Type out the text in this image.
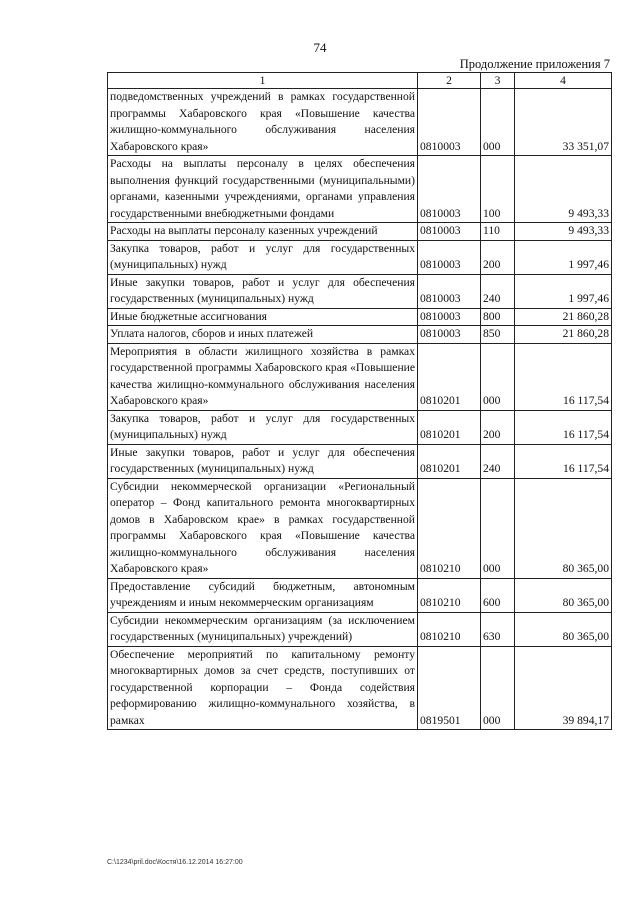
74
Продолжение приложения 7
1	2	3	4
подведомственных учреждений в рамках государственной программы Хабаровского края «Повышение качества жилищно-коммунального обслуживания населения Хабаровского края»	0810003	000	33 351,07
Расходы на выплаты персоналу в целях обеспечения выполнения функций государственными (муниципальными) органами, казенными учреждениями, органами управления государственными внебюджетными фондами	0810003	100	9 493,33
Расходы на выплаты персоналу казенных учреждений	0810003	110	9 493,33
Закупка товаров, работ и услуг для государственных (муниципальных) нужд	0810003	200	1 997,46
Иные закупки товаров, работ и услуг для обеспечения государственных (муниципальных) нужд	0810003	240	1 997,46
Иные бюджетные ассигнования	0810003	800	21 860,28
Уплата налогов, сборов и иных платежей	0810003	850	21 860,28
Мероприятия в области жилищного хозяйства в рамках государственной программы Хабаровского края «Повышение качества жилищно-коммунального обслуживания населения Хабаровского края»	0810201	000	16 117,54
Закупка товаров, работ и услуг для государственных (муниципальных) нужд	0810201	200	16 117,54
Иные закупки товаров, работ и услуг для обеспечения государственных (муниципальных) нужд	0810201	240	16 117,54
Субсидии некоммерческой организации «Региональный оператор – Фонд капитального ремонта многоквартирных домов в Хабаровском крае» в рамках государственной программы Хабаровского края «Повышение качества жилищно-коммунального обслуживания населения Хабаровского края»	0810210	000	80 365,00
Предоставление субсидий бюджетным, автономным учреждениям и иным некоммерческим организациям	0810210	600	80 365,00
Субсидии некоммерческим организациям (за исключением государственных (муниципальных) учреждений)	0810210	630	80 365,00
Обеспечение мероприятий по капитальному ремонту многоквартирных домов за счет средств, поступивших от государственной корпорации – Фонда содействия реформированию жилищно-коммунального хозяйства, в рамках	0819501	000	39 894,17
C:\1234\pril.doc\Костя\16.12.2014 16:27:00
